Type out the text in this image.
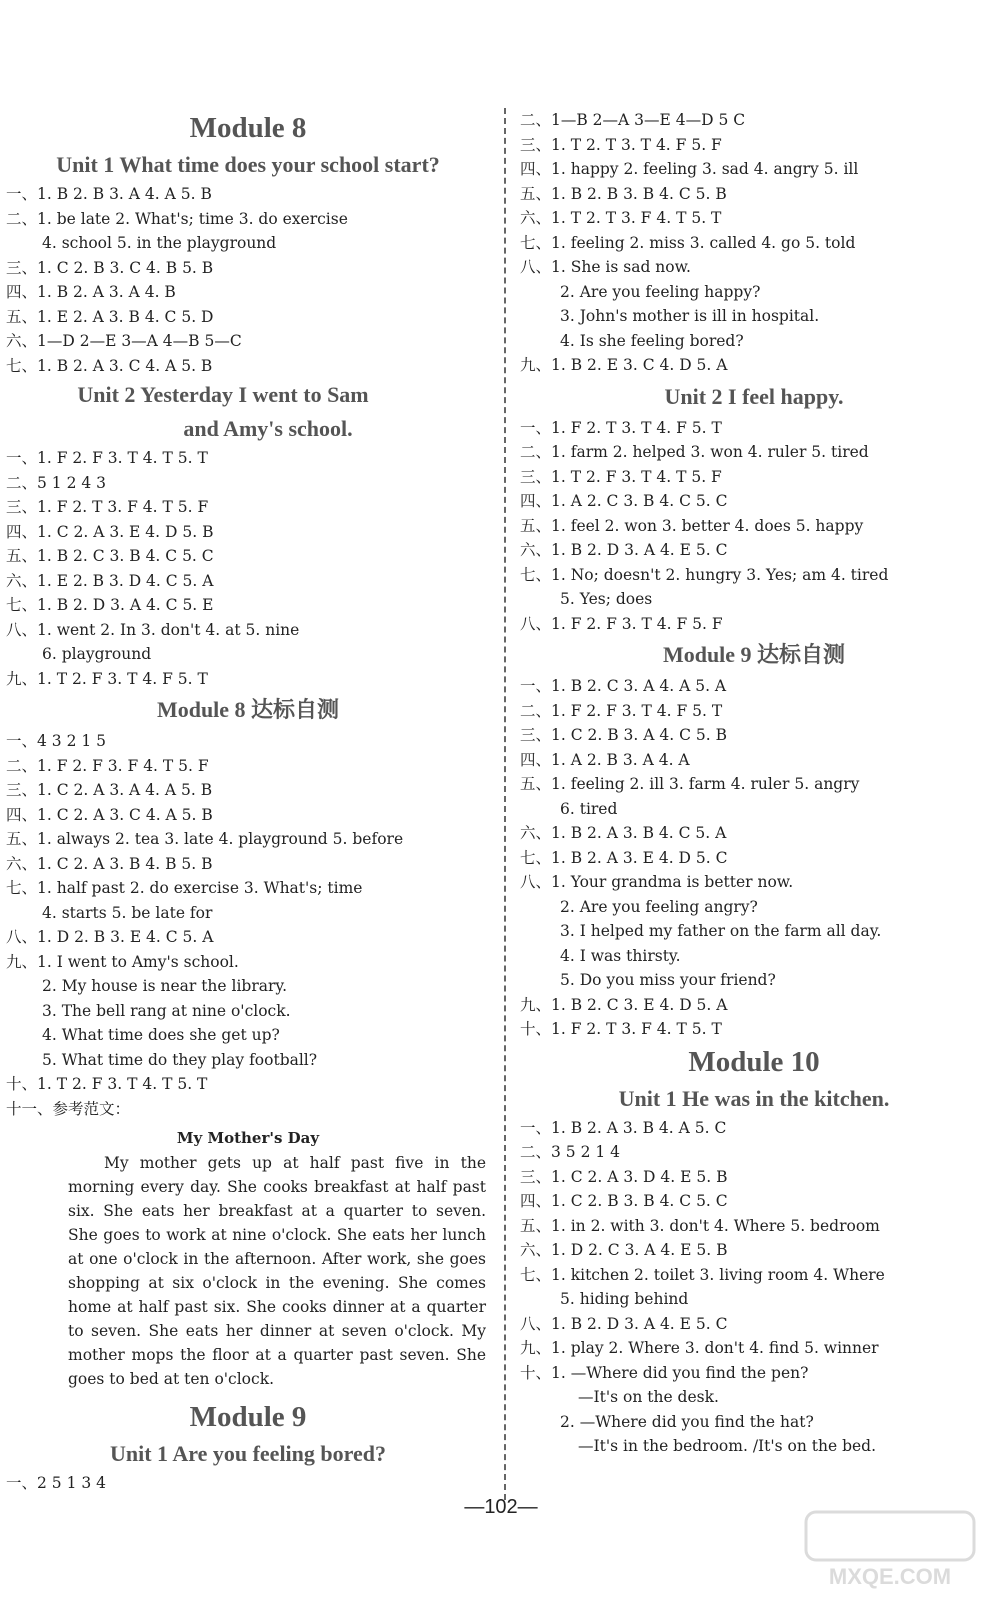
Module 8
Unit 1 What time does your school start?
一、1. B 2. B 3. A 4. A 5. B
二、1. be late 2. What's; time 3. do exercise
4. school 5. in the playground
三、1. C 2. B 3. C 4. B 5. B
四、1. B 2. A 3. A 4. B
五、1. E 2. A 3. B 4. C 5. D
六、1—D 2—E 3—A 4—B 5—C
七、1. B 2. A 3. C 4. A 5. B
Unit 2 Yesterday I went to Sam
and Amy's school.
一、1. F 2. F 3. T 4. T 5. T
二、5 1 2 4 3
三、1. F 2. T 3. F 4. T 5. F
四、1. C 2. A 3. E 4. D 5. B
五、1. B 2. C 3. B 4. C 5. C
六、1. E 2. B 3. D 4. C 5. A
七、1. B 2. D 3. A 4. C 5. E
八、1. went 2. In 3. don't 4. at 5. nine
6. playground
九、1. T 2. F 3. T 4. F 5. T
Module 8 达标自测
一、4 3 2 1 5
二、1. F 2. F 3. F 4. T 5. F
三、1. C 2. A 3. A 4. A 5. B
四、1. C 2. A 3. C 4. A 5. B
五、1. always 2. tea 3. late 4. playground 5. before
六、1. C 2. A 3. B 4. B 5. B
七、1. half past 2. do exercise 3. What's; time
4. starts 5. be late for
八、1. D 2. B 3. E 4. C 5. A
九、1. I went to Amy's school.
2. My house is near the library.
3. The bell rang at nine o'clock.
4. What time does she get up?
5. What time do they play football?
十、1. T 2. F 3. T 4. T 5. T
十一、参考范文：
My Mother's Day
My mother gets up at half past five in the morning every day. She cooks breakfast at half past six. She eats her breakfast at a quarter to seven. She goes to work at nine o'clock. She eats her lunch at one o'clock in the afternoon. After work, she goes shopping at six o'clock in the evening. She comes home at half past six. She cooks dinner at a quarter to seven. She eats her dinner at seven o'clock. My mother mops the floor at a quarter past seven. She goes to bed at ten o'clock.
Module 9
Unit 1 Are you feeling bored?
一、2 5 1 3 4
二、1—B 2—A 3—E 4—D 5 C
三、1. T 2. T 3. T 4. F 5. F
四、1. happy 2. feeling 3. sad 4. angry 5. ill
五、1. B 2. B 3. B 4. C 5. B
六、1. T 2. T 3. F 4. T 5. T
七、1. feeling 2. miss 3. called 4. go 5. told
八、1. She is sad now.
2. Are you feeling happy?
3. John's mother is ill in hospital.
4. Is she feeling bored?
九、1. B 2. E 3. C 4. D 5. A
Unit 2 I feel happy.
一、1. F 2. T 3. T 4. F 5. T
二、1. farm 2. helped 3. won 4. ruler 5. tired
三、1. T 2. F 3. T 4. T 5. F
四、1. A 2. C 3. B 4. C 5. C
五、1. feel 2. won 3. better 4. does 5. happy
六、1. B 2. D 3. A 4. E 5. C
七、1. No; doesn't 2. hungry 3. Yes; am 4. tired
5. Yes; does
八、1. F 2. F 3. T 4. F 5. F
Module 9 达标自测
一、1. B 2. C 3. A 4. A 5. A
二、1. F 2. F 3. T 4. F 5. T
三、1. C 2. B 3. A 4. C 5. B
四、1. A 2. B 3. A 4. A
五、1. feeling 2. ill 3. farm 4. ruler 5. angry
6. tired
六、1. B 2. A 3. B 4. C 5. A
七、1. B 2. A 3. E 4. D 5. C
八、1. Your grandma is better now.
2. Are you feeling angry?
3. I helped my father on the farm all day.
4. I was thirsty.
5. Do you miss your friend?
九、1. B 2. C 3. E 4. D 5. A
十、1. F 2. T 3. F 4. T 5. T
Module 10
Unit 1 He was in the kitchen.
一、1. B 2. A 3. B 4. A 5. C
二、3 5 2 1 4
三、1. C 2. A 3. D 4. E 5. B
四、1. C 2. B 3. B 4. C 5. C
五、1. in 2. with 3. don't 4. Where 5. bedroom
六、1. D 2. C 3. A 4. E 5. B
七、1. kitchen 2. toilet 3. living room 4. Where
5. hiding behind
八、1. B 2. D 3. A 4. E 5. C
九、1. play 2. Where 3. don't 4. find 5. winner
十、1. —Where did you find the pen?
—It's on the desk.
2. —Where did you find the hat?
—It's in the bedroom. /It's on the bed.
—102—
MXQE.COM
